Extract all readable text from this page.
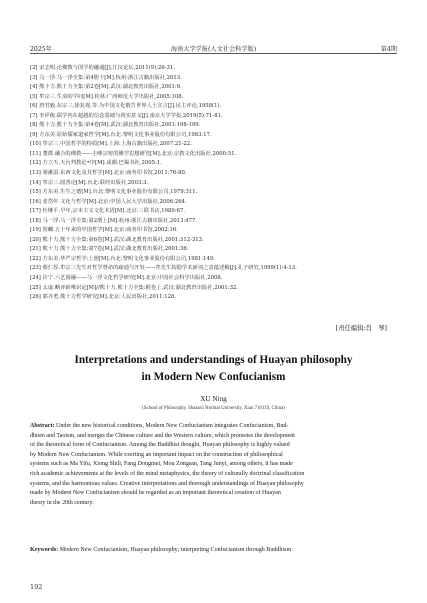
2025年	海南大学学报(人文社会科学版)	第4期
[2] 宋志明.论佛教与国学的融通[J].江汉论坛,2011(9):26-31.
[3] 马一浮.马一浮全集:第4册下[M].杭州:浙江古籍出版社,2013.
[4] 熊十力.熊十力全集:第2卷[M].武汉:湖北教育出版社,2001:9.
[5] 牟宗三.生命的学问[M].桂林:广西师范大学出版社,2005:108.
[6] 唐君毅.东宗三,徐复观,等.为中国文化敬告世界人士宣言[J].民主评论,1958(1).
[7] 李祥俊.儒学内在超越的信念基础与现实意义[J].南京大学学报,2019(5):71-81.
[8] 熊十力.熊十力全集:第4卷[M].武汉:湖北教育出版社,2001:198-199.
[9] 方东美.原始儒家道家哲学[M].台北:黎明文化事业股份有限公司,1983:17.
[10] 牟宗三.中国哲学的特质[M].上海:上海古籍出版社,2007:21-22.
[11] 董群.融合的佛教——圭峰宗密的佛学思想研究[M].北京:宗教文化出版社,2000:51.
[12] 方立天.天台判教论•序[M].成都:巴蜀书社,2005:1.
[13] 梁漱溟.东西文化及其哲学[M].北京:商务印书馆,2011:76-80.
[14] 牟宗三.圆善论[M].台北:联经出版社,2003:3.
[15] 方东美.生生之德[M].台北:黎明文化事业股份有限公司,1979:311.
[16] 张岱年.文化与哲学[M].北京:中国人民大学出版社,2006:264.
[17] 杜继平.早年,宗本主义文化术语[M].北京:三联书店,1989:67.
[18] 马一浮.马一浮全集:第2册上[M].杭州:浙江古籍出版社,2013:477.
[19] 贺麟.五十年来的中国哲学[M].北京:商务印书馆,2002:16.
[20] 熊十力.熊十力全集:第6卷[M].武汉:湖北教育出版社,2001:312-313.
[21] 熊十力.熊十力全集:第7卷[M].武汉:湖北教育出版社,2001:36.
[22] 方东美.华严宗哲学:上册[M].台北:黎明文化事业股份有限公司,1981:149.
[23] 蔡仁厚.牟宗三先生对哲学慧命的疏通与开发——牟先生钩隐学术新词之意蕴述解[J].孔子研究,1999(1):4-13.
[24] 许宁.六艺圆融——马一浮文化哲学研究[M].北京:中国社会科学出版社,2008.
[25] 太虚.略评新唯识论[M]//熊十力.熊十力全集:附卷上.武汉:湖北教育出版社,2001:32.
[26] 郭齐勇.熊十力哲学研究[M].北京:人民出版社,2011:128.
[责任编辑:肖　琴]
Interpretations and understandings of Huayan philosophy
in Modern New Confucianism
XU Ning
(School of Philosophy, Shaanxi Normal University, Xian 710119, China)

Abstract: Under the new historical conditions, Modern New Confucianism integrates Confucianism, Bud-
dhism and Taoism, and merges the Chinese culture and the Western culture, which promotes the development
of the theoretical form of Confucianism. Among the Buddhist thought, Huayan philosophy is highly valued
by Modern New Confucianism. While exerting an important impact on the construction of philosophical
systems such as Ma Yifu, Xiong Shili, Fang Dongmei, Mou Zongsan, Tang Junyi, among others, it has made
rich academic achievements at the levels of the mind metaphysics, the theory of culturally doctrinal classification
systems, and the harmonious values. Creative interpretations and thorough understandings of Huayan philosophy
made by Modern New Confucianism should be regarded as an important theoretical creation of Huayan
theory in the 20th century.

Keywords: Modern New Confucianism; Huayan philosophy; interpreting Confucianism through Buddhism
192
